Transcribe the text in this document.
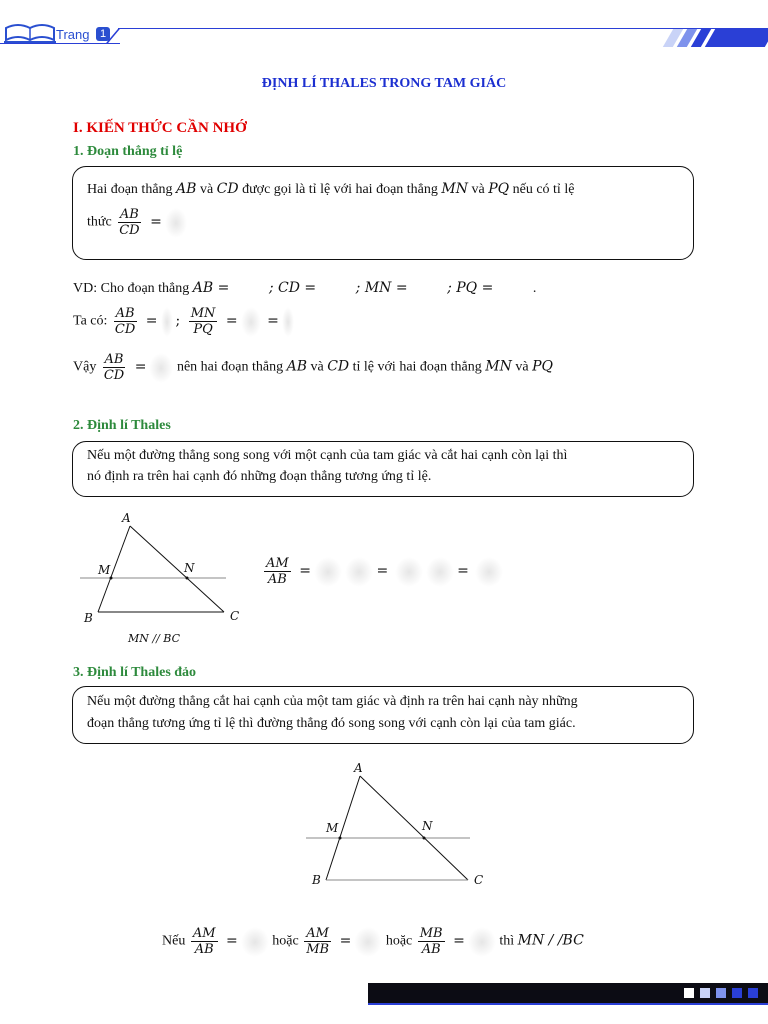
Trang 1
ĐỊNH LÍ THALES TRONG TAM GIÁC
I. KIẾN THỨC CẦN NHỚ
1. Đoạn thẳng tỉ lệ
Hai đoạn thẳng AB và CD được gọi là tỉ lệ với hai đoạn thẳng MN và PQ nếu có tỉ lệ
thức $\frac{AB}{CD}$ =
VD: Cho đoạn thẳng AB =	; CD =	; MN =	; PQ =	.
Ta có: $\frac{AB}{CD}$ = ; $\frac{MN}{PQ}$ = =
Vậy $\frac{AB}{CD}$ = nên hai đoạn thẳng AB và CD tỉ lệ với hai đoạn thẳng MN và PQ
2. Định lí Thales
Nếu một đường thẳng song song với một cạnh của tam giác và cắt hai cạnh còn lại thì
nó định ra trên hai cạnh đó những đoạn thẳng tương ứng tỉ lệ.
A
M	N
B	C
MN // BC
$\frac{AM}{AB}$ =	=	=
3. Định lí Thales đảo
Nếu một đường thẳng cắt hai cạnh của một tam giác và định ra trên hai cạnh này những
đoạn thẳng tương ứng tỉ lệ thì đường thẳng đó song song với cạnh còn lại của tam giác.
A
M	N
B	C
Nếu $\frac{AM}{AB}$ = hoặc $\frac{AM}{MB}$ = hoặc $\frac{MB}{AB}$ = thì MN / /BC
